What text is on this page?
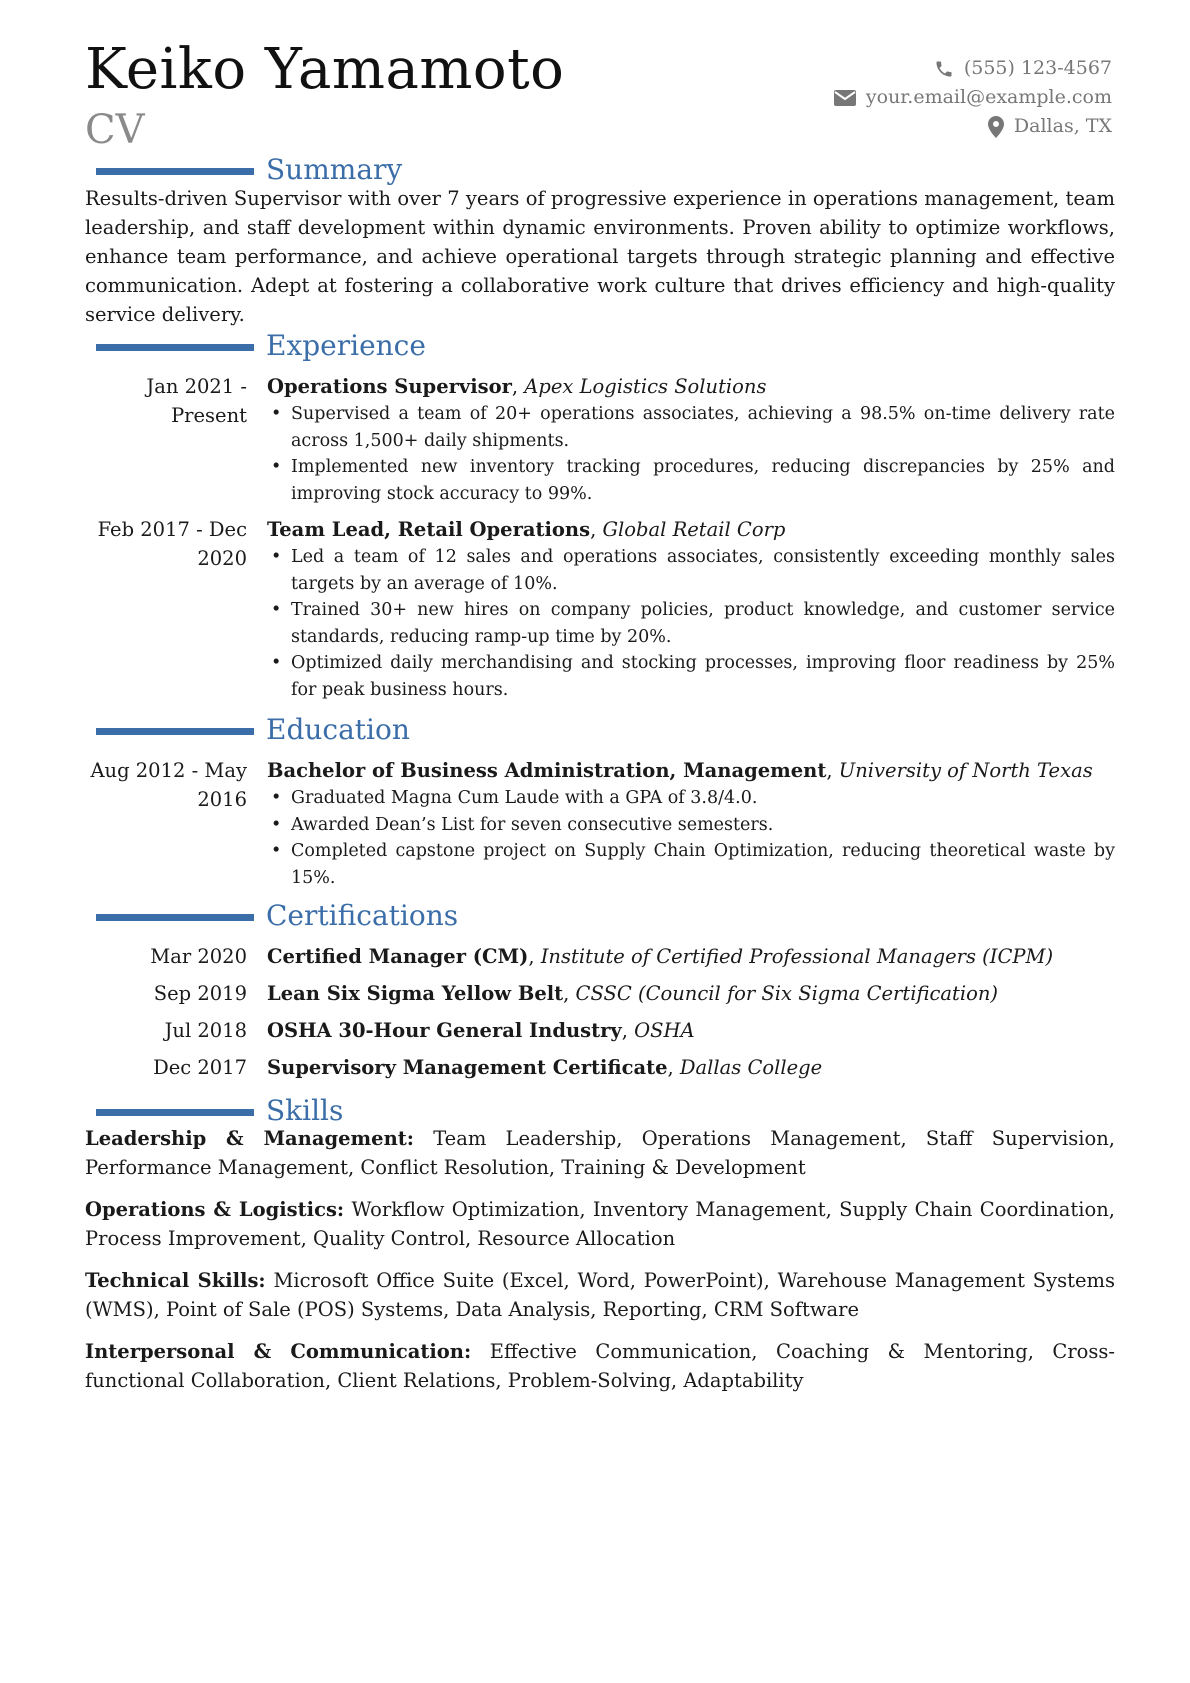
Keiko Yamamoto
CV
(555) 123-4567
your.email@example.com
Dallas, TX
Summary
Results-driven Supervisor with over 7 years of progressive experience in operations management, team leadership, and staff development within dynamic environments. Proven ability to optimize workflows, enhance team performance, and achieve operational targets through strategic planning and effective communication. Adept at fostering a collaborative work culture that drives efficiency and high-quality service delivery.
Experience
Jan 2021 - Present
Operations Supervisor, Apex Logistics Solutions
• Supervised a team of 20+ operations associates, achieving a 98.5% on-time delivery rate across 1,500+ daily shipments.
• Implemented new inventory tracking procedures, reducing discrepancies by 25% and improving stock accuracy to 99%.
Feb 2017 - Dec 2020
Team Lead, Retail Operations, Global Retail Corp
• Led a team of 12 sales and operations associates, consistently exceeding monthly sales targets by an average of 10%.
• Trained 30+ new hires on company policies, product knowledge, and customer service standards, reducing ramp-up time by 20%.
• Optimized daily merchandising and stocking processes, improving floor readiness by 25% for peak business hours.
Education
Aug 2012 - May 2016
Bachelor of Business Administration, Management, University of North Texas
• Graduated Magna Cum Laude with a GPA of 3.8/4.0.
• Awarded Dean’s List for seven consecutive semesters.
• Completed capstone project on Supply Chain Optimization, reducing theoretical waste by 15%.
Certifications
Mar 2020 Certified Manager (CM), Institute of Certified Professional Managers (ICPM)
Sep 2019 Lean Six Sigma Yellow Belt, CSSC (Council for Six Sigma Certification)
Jul 2018 OSHA 30-Hour General Industry, OSHA
Dec 2017 Supervisory Management Certificate, Dallas College
Skills
Leadership & Management: Team Leadership, Operations Management, Staff Supervision, Performance Management, Conflict Resolution, Training & Development
Operations & Logistics: Workflow Optimization, Inventory Management, Supply Chain Coordination, Process Improvement, Quality Control, Resource Allocation
Technical Skills: Microsoft Office Suite (Excel, Word, PowerPoint), Warehouse Management Systems (WMS), Point of Sale (POS) Systems, Data Analysis, Reporting, CRM Software
Interpersonal & Communication: Effective Communication, Coaching & Mentoring, Cross-functional Collaboration, Client Relations, Problem-Solving, Adaptability
